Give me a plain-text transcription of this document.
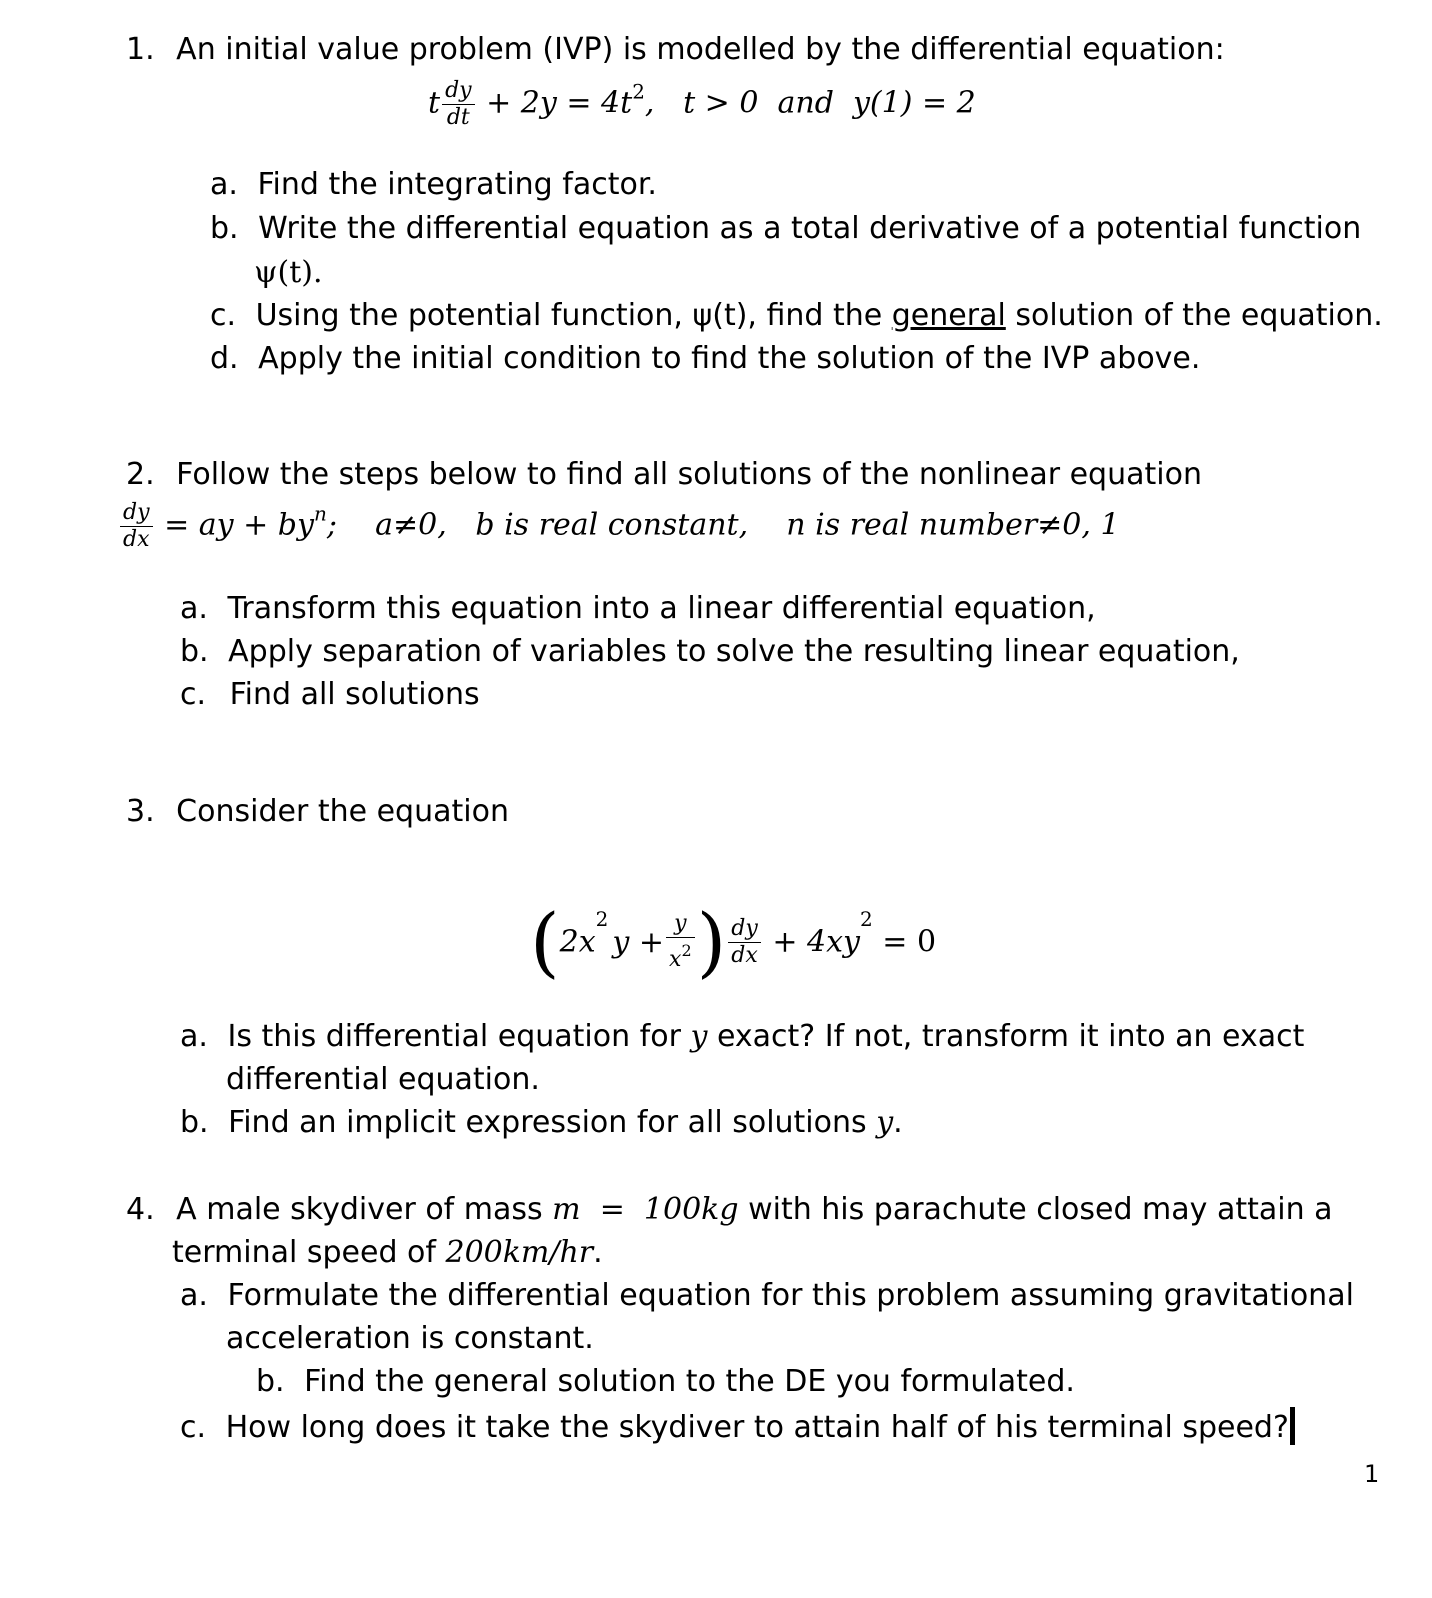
1. An initial value problem (IVP) is modelled by the differential equation:
t $\frac{dy}{dt} + 2y = 4t^2$,   t > 0  and  y(1) = 2
a. Find the integrating factor.
b. Write the differential equation as a total derivative of a potential function
ψ(t).
c. Using the potential function, ψ(t), find the general solution of the equation.
d. Apply the initial condition to find the solution of the IVP above.
2. Follow the steps below to find all solutions of the nonlinear equation
$\frac{dy}{dx}$ = ay + $by^n$;    a≠0,   b is real constant,    n is real number≠0, 1
a. Transform this equation into a linear differential equation,
b. Apply separation of variables to solve the resulting linear equation,
c. Find all solutions
3. Consider the equation
($2x^2y + \frac{y}{x^2}$ ) $\frac{dy}{dx} + 4xy^2 = 0$
a. Is this differential equation for y exact? If not, transform it into an exact
differential equation.
b. Find an implicit expression for all solutions y.
4. A male skydiver of mass m  =  100kg with his parachute closed may attain a
terminal speed of 200km/hr.
a. Formulate the differential equation for this problem assuming gravitational
acceleration is constant.
b. Find the general solution to the DE you formulated.
c. How long does it take the skydiver to attain half of his terminal speed?
1
